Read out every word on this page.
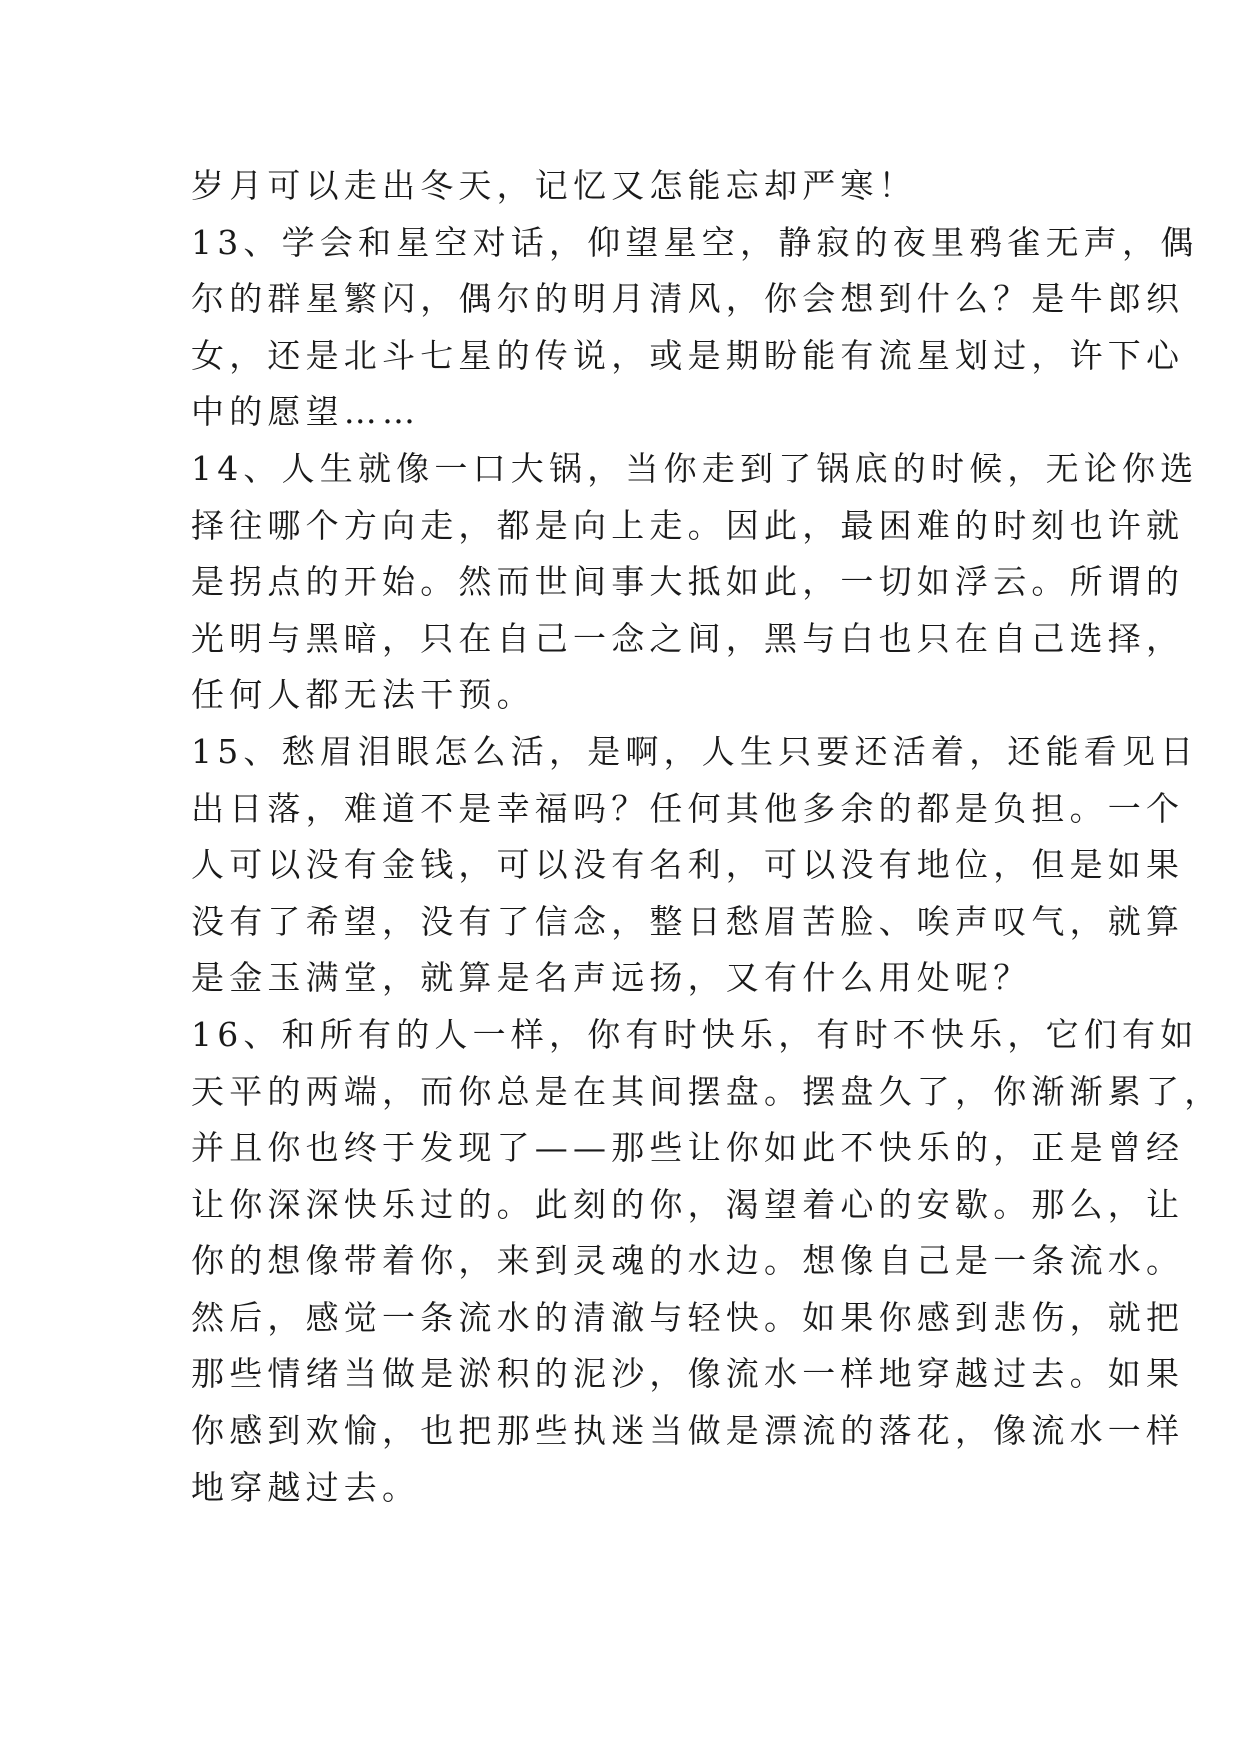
岁月可以走出冬天，记忆又怎能忘却严寒！
13、学会和星空对话，仰望星空，静寂的夜里鸦雀无声，偶
尔的群星繁闪，偶尔的明月清风，你会想到什么？是牛郎织
女，还是北斗七星的传说，或是期盼能有流星划过，许下心
中的愿望……
14、人生就像一口大锅，当你走到了锅底的时候，无论你选
择往哪个方向走，都是向上走。因此，最困难的时刻也许就
是拐点的开始。然而世间事大抵如此，一切如浮云。所谓的
光明与黑暗，只在自己一念之间，黑与白也只在自己选择，
任何人都无法干预。
15、愁眉泪眼怎么活，是啊，人生只要还活着，还能看见日
出日落，难道不是幸福吗？任何其他多余的都是负担。一个
人可以没有金钱，可以没有名利，可以没有地位，但是如果
没有了希望，没有了信念，整日愁眉苦脸、唉声叹气，就算
是金玉满堂，就算是名声远扬，又有什么用处呢？
16、和所有的人一样，你有时快乐，有时不快乐，它们有如
天平的两端，而你总是在其间摆盘。摆盘久了，你渐渐累了，
并且你也终于发现了——那些让你如此不快乐的，正是曾经
让你深深快乐过的。此刻的你，渴望着心的安歇。那么，让
你的想像带着你，来到灵魂的水边。想像自己是一条流水。
然后，感觉一条流水的清澈与轻快。如果你感到悲伤，就把
那些情绪当做是淤积的泥沙，像流水一样地穿越过去。如果
你感到欢愉，也把那些执迷当做是漂流的落花，像流水一样
地穿越过去。
